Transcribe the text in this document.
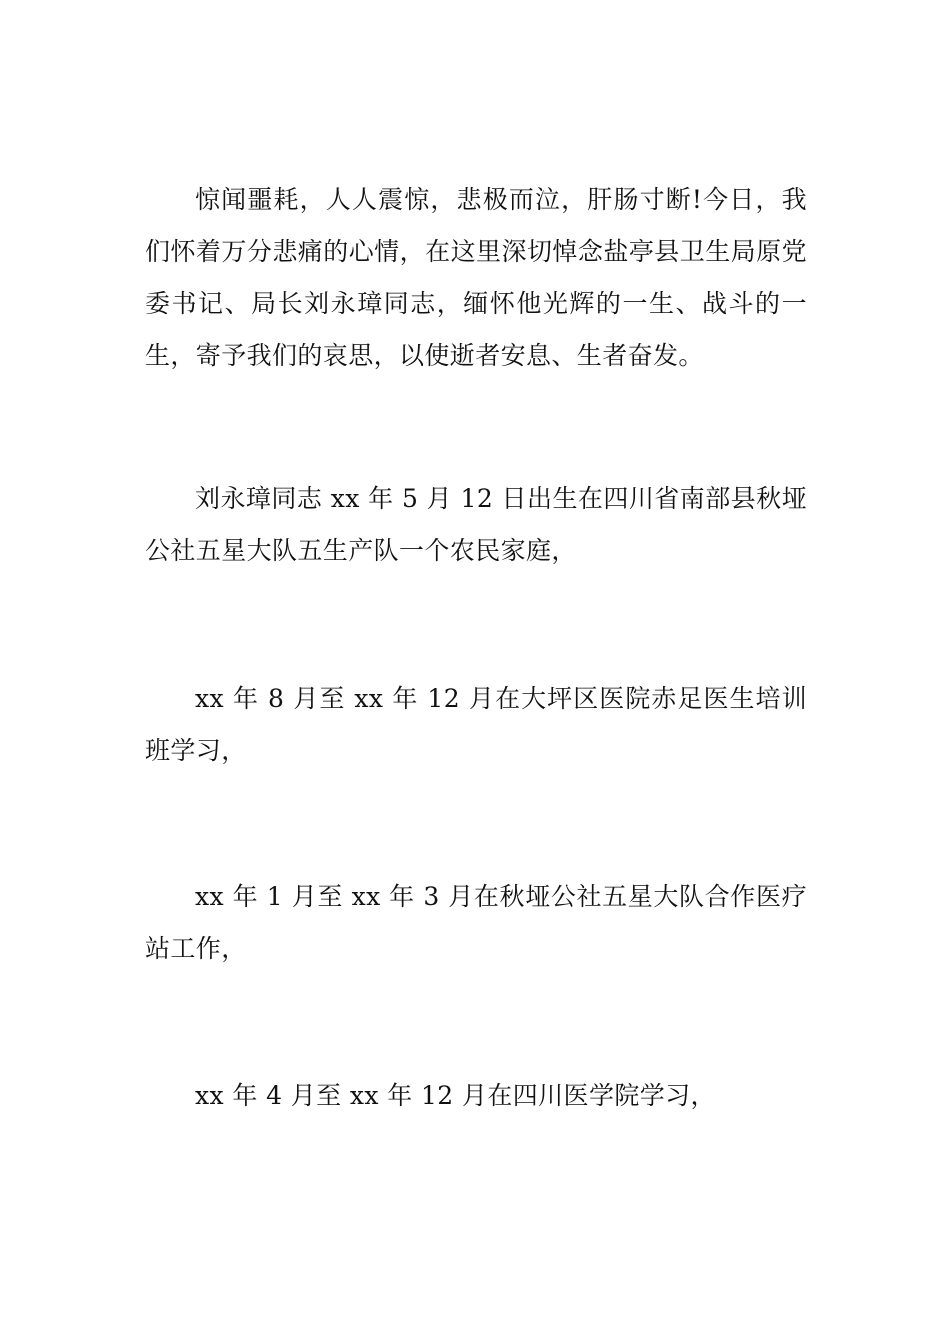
惊闻噩耗，人人震惊，悲极而泣，肝肠寸断!今日，我们怀着万分悲痛的心情，在这里深切悼念盐亭县卫生局原党委书记、局长刘永璋同志，缅怀他光辉的一生、战斗的一生，寄予我们的哀思，以使逝者安息、生者奋发。

刘永璋同志 xx 年 5 月 12 日出生在四川省南部县秋垭公社五星大队五生产队一个农民家庭，

xx 年 8 月至 xx 年 12 月在大坪区医院赤足医生培训班学习，

xx 年 1 月至 xx 年 3 月在秋垭公社五星大队合作医疗站工作，

xx 年 4 月至 xx 年 12 月在四川医学院学习，
